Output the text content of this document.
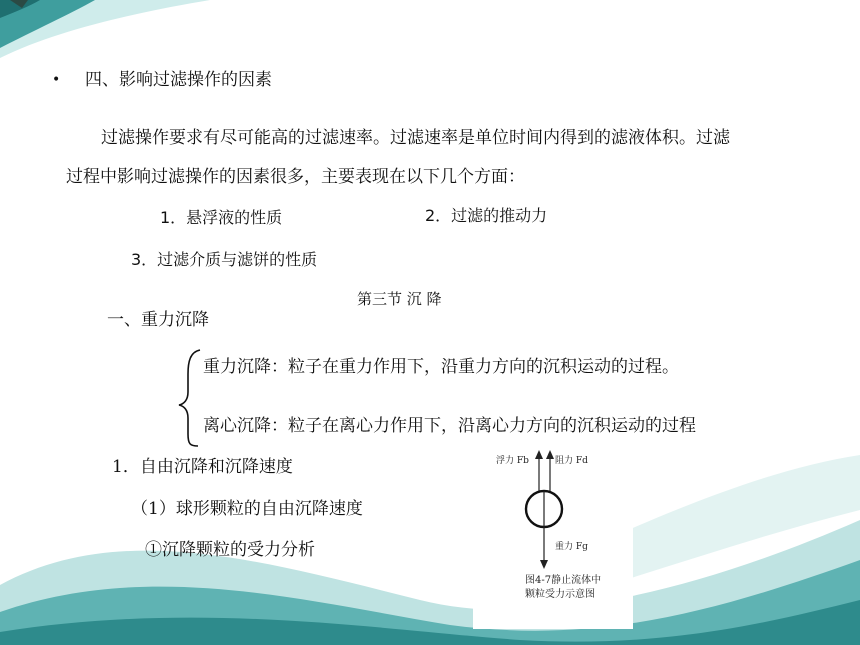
• 四、影响过滤操作的因素
过滤操作要求有尽可能高的过滤速率。过滤速率是单位时间内得到的滤液体积。过滤
过程中影响过滤操作的因素很多，主要表现在以下几个方面：
1．悬浮液的性质	2．过滤的推动力
3．过滤介质与滤饼的性质
第三节 沉 降
一、重力沉降
重力沉降：粒子在重力作用下，沿重力方向的沉积运动的过程。
离心沉降：粒子在离心力作用下，沿离心力方向的沉积运动的过程
1．自由沉降和沉降速度
（1）球形颗粒的自由沉降速度
①沉降颗粒的受力分析
浮力 Fb	阻力 Fd
重力 Fg
图4-7静止流体中
颗粒受力示意图
